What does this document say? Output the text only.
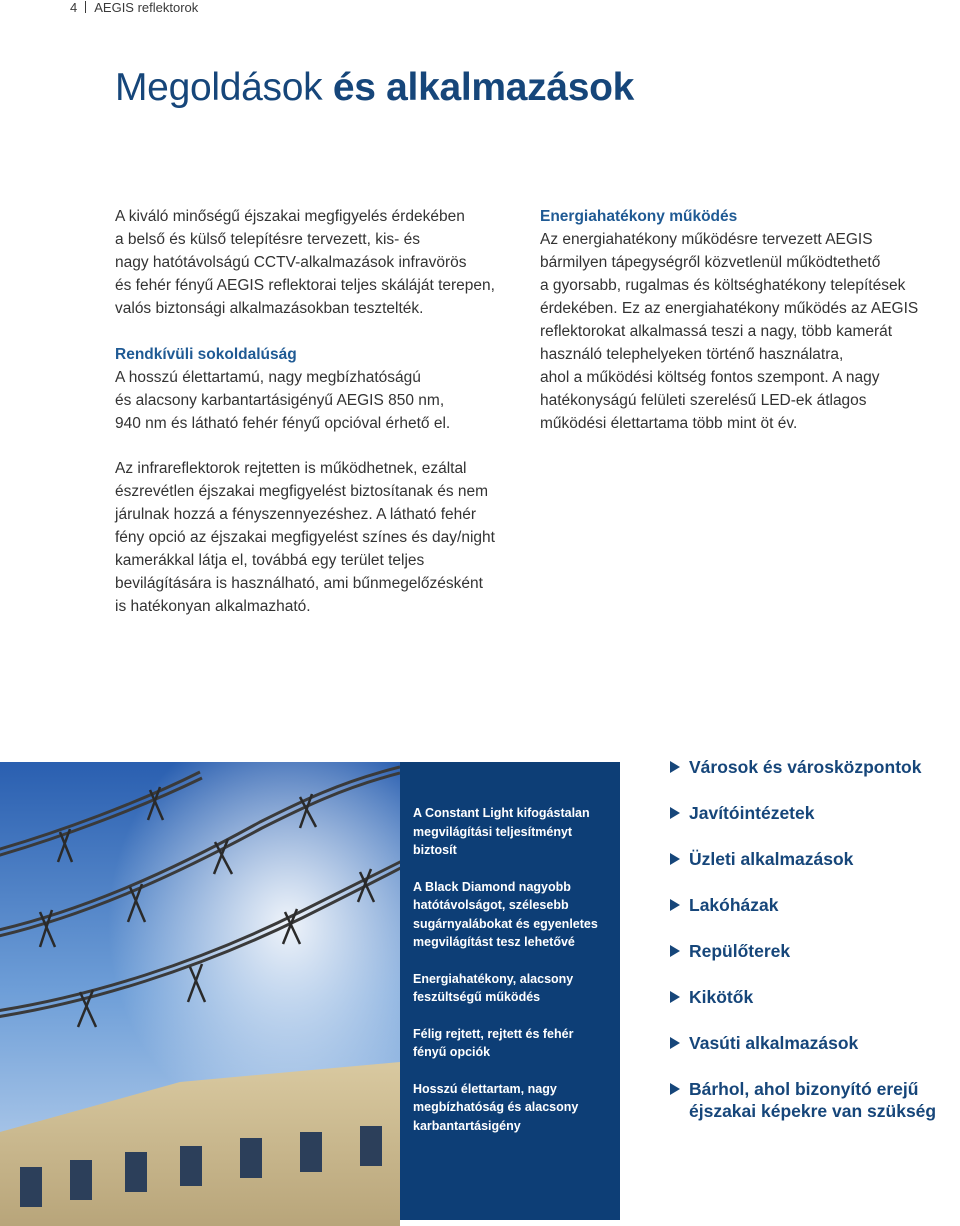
4 AEGIS reflektorok
Megoldások és alkalmazások

A kiváló minőségű éjszakai megfigyelés érdekében

a belső és külső telepítésre tervezett, kis- és

nagy hatótávolságú CCTV-alkalmazások infravörös

és fehér fényű AEGIS reflektorai teljes skáláját terepen,

valós biztonsági alkalmazásokban tesztelték.

Rendkívüli sokoldalúság

A hosszú élettartamú, nagy megbízhatóságú

és alacsony karbantartásigényű AEGIS 850 nm,

940 nm és látható fehér fényű opcióval érhető el.

Az infrareflektorok rejtetten is működhetnek, ezáltal

észrevétlen éjszakai megfigyelést biztosítanak és nem

járulnak hozzá a fényszennyezéshez. A látható fehér

fény opció az éjszakai megfigyelést színes és day/night

kamerákkal látja el, továbbá egy terület teljes

bevilágítására is használható, ami bűnmegelőzésként

is hatékonyan alkalmazható.

Energiahatékony működés

Az energiahatékony működésre tervezett AEGIS

bármilyen tápegységről közvetlenül működtethető

a gyorsabb, rugalmas és költséghatékony telepítések

érdekében. Ez az energiahatékony működés az AEGIS

reflektorokat alkalmassá teszi a nagy, több kamerát

használó telephelyeken történő használatra,

ahol a működési költség fontos szempont. A nagy

hatékonyságú felületi szerelésű LED-ek átlagos

működési élettartama több mint öt év.

A Constant Light kifogástalan megvilágítási teljesítményt biztosít
A Black Diamond nagyobb hatótávolságot, szélesebb sugárnyalábokat és egyenletes megvilágítást tesz lehetővé
Energiahatékony, alacsony feszültségű működés
Félig rejtett, rejtett és fehér fényű opciók
Hosszú élettartam, nagy megbízhatóság és alacsony karbantartásigény
Városok és városközpontok
Javítóintézetek
Üzleti alkalmazások
Lakóházak
Repülőterek
Kikötők
Vasúti alkalmazások
Bárhol, ahol bizonyító erejű éjszakai képekre van szükség
